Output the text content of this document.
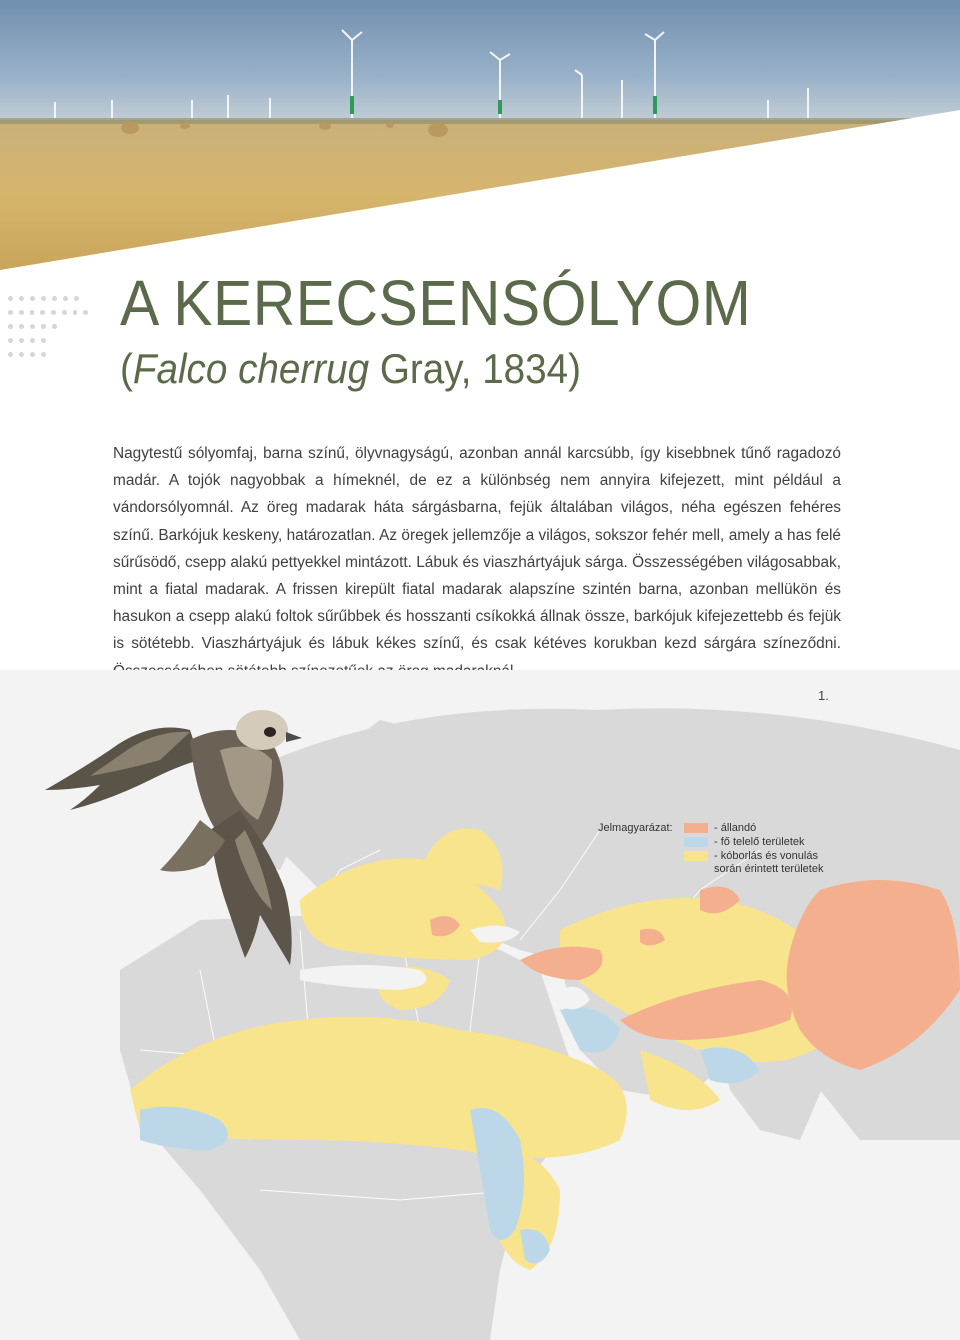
A KERECSENSÓLYOM
(Falco cherrug Gray, 1834)

Nagytestű sólyomfaj, barna színű, ölyvnagyságú, azonban annál karcsúbb, így kisebbnek tűnő ragadozó madár. A tojók nagyobbak a hímeknél, de ez a különbség nem annyira kifejezett, mint például a vándorsólyomnál. Az öreg madarak háta sárgásbarna, fejük általában világos, néha egészen fehéres színű. Barkójuk keskeny, határozatlan. Az öregek jellemzője a világos, sokszor fehér mell, amely a has felé sűrűsödő, csepp alakú pettyekkel mintázott. Lábuk és viaszhártyájuk sárga. Összességében világosabbak, mint a fiatal madarak. A frissen kirepült fiatal madarak alapszíne szintén barna, azonban mellükön és hasukon a csepp alakú foltok sűrűbbek és hosszanti csíkokká állnak össze, barkójuk kifejezettebb és fejük is sötétebb. Viaszhártyájuk és lábuk kékes színű, és csak kétéves korukban kezd sárgára színeződni.

1.
Jelmagyarázat:	- állandó
- fő telelő területek
- kóborlás és vonulás
során érintett területek
